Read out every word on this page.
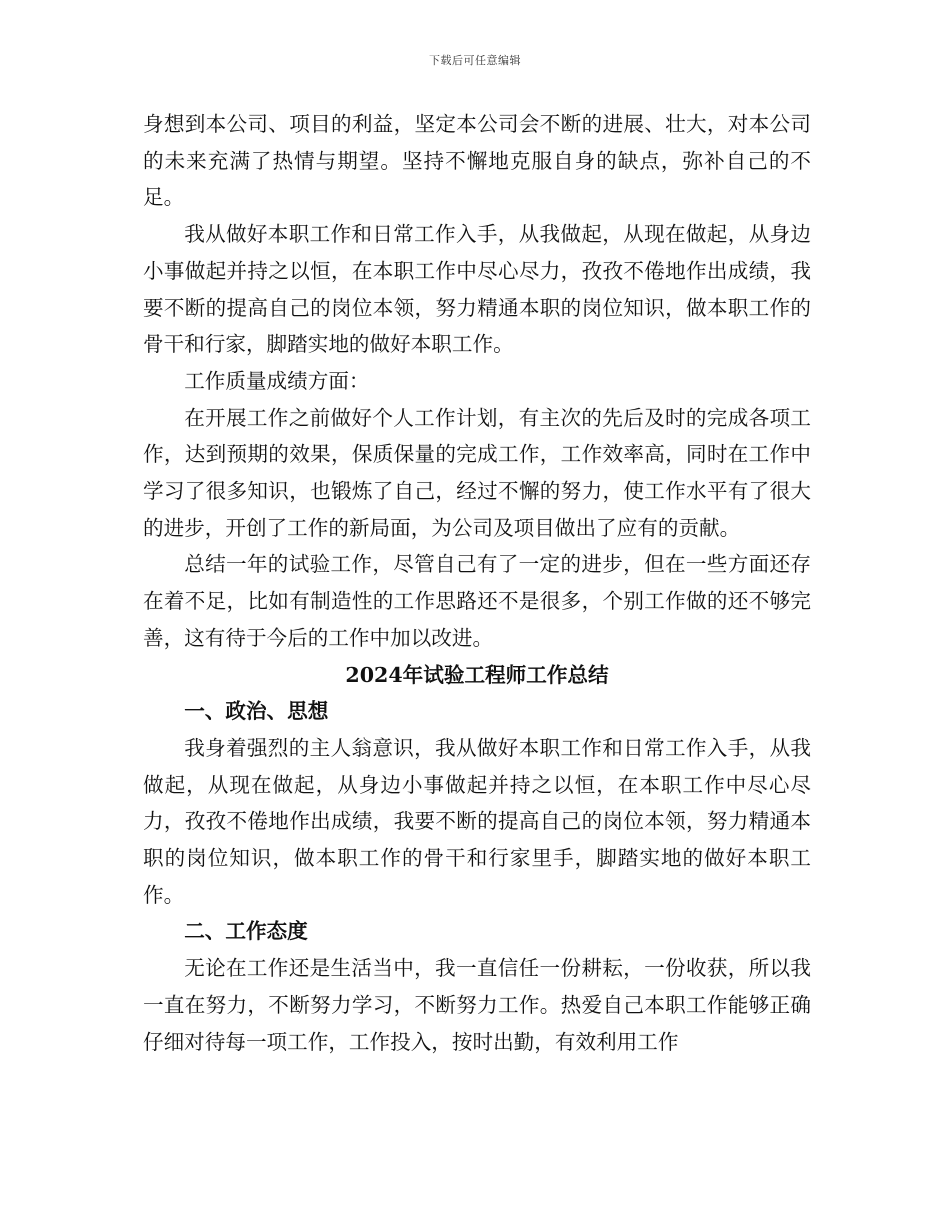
下载后可任意编辑

身想到本公司、项目的利益，坚定本公司会不断的进展、壮大，对本公司的未来充满了热情与期望。坚持不懈地克服自身的缺点，弥补自己的不足。

我从做好本职工作和日常工作入手，从我做起，从现在做起，从身边小事做起并持之以恒，在本职工作中尽心尽力，孜孜不倦地作出成绩，我要不断的提高自己的岗位本领，努力精通本职的岗位知识，做本职工作的骨干和行家，脚踏实地的做好本职工作。

工作质量成绩方面：

在开展工作之前做好个人工作计划，有主次的先后及时的完成各项工作，达到预期的效果，保质保量的完成工作，工作效率高，同时在工作中学习了很多知识，也锻炼了自己，经过不懈的努力，使工作水平有了很大的进步，开创了工作的新局面，为公司及项目做出了应有的贡献。

总结一年的试验工作，尽管自己有了一定的进步，但在一些方面还存在着不足，比如有制造性的工作思路还不是很多，个别工作做的还不够完善，这有待于今后的工作中加以改进。

2024年试验工程师工作总结

一、政治、思想

我身着强烈的主人翁意识，我从做好本职工作和日常工作入手，从我做起，从现在做起，从身边小事做起并持之以恒，在本职工作中尽心尽力，孜孜不倦地作出成绩，我要不断的提高自己的岗位本领，努力精通本职的岗位知识，做本职工作的骨干和行家里手，脚踏实地的做好本职工作。

二、工作态度

无论在工作还是生活当中，我一直信任一份耕耘，一份收获，所以我一直在努力，不断努力学习，不断努力工作。热爱自己本职工作能够正确仔细对待每一项工作，工作投入，按时出勤，有效利用工作
